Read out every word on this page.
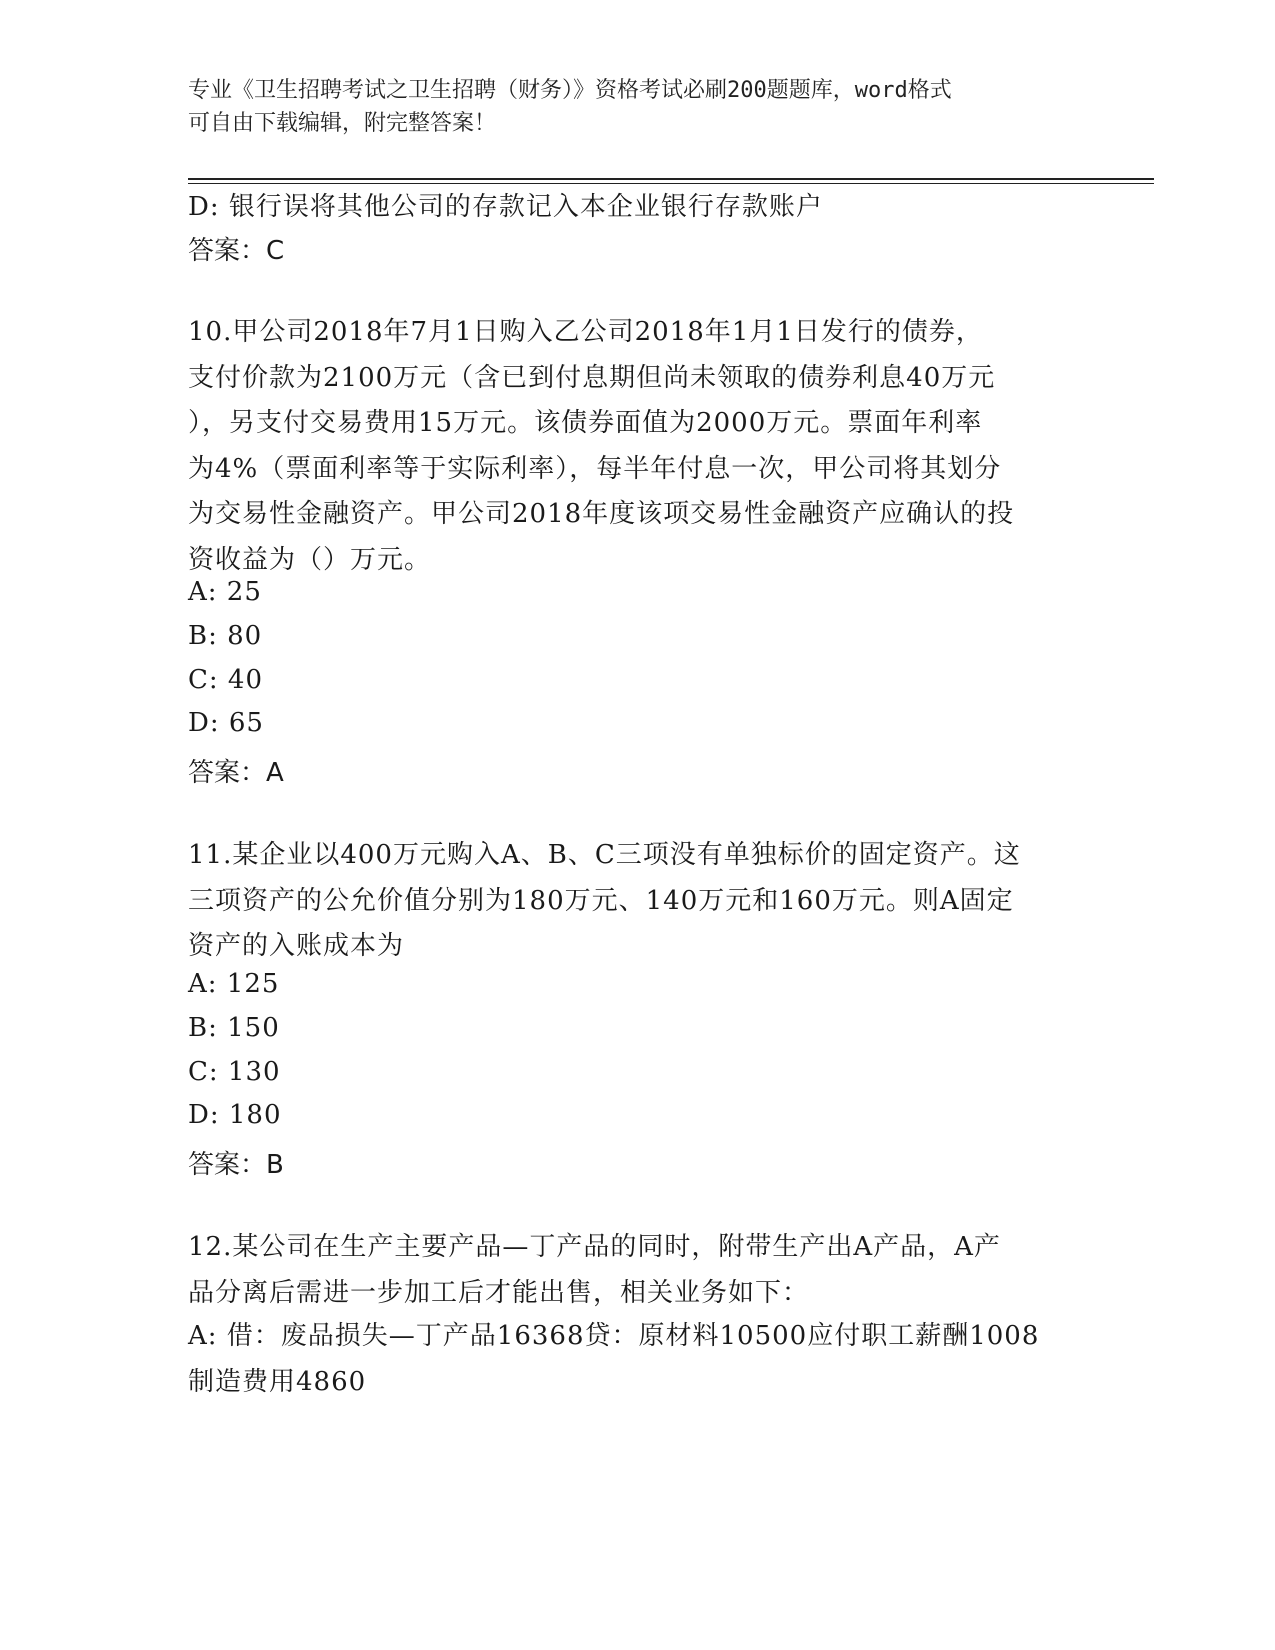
专业《卫生招聘考试之卫生招聘（财务）》资格考试必刷200题题库，word格式
可自由下载编辑，附完整答案！
D: 银行误将其他公司的存款记入本企业银行存款账户
答案：C
10.甲公司2018年7月1日购入乙公司2018年1月1日发行的债券，
支付价款为2100万元（含已到付息期但尚未领取的债券利息40万元
），另支付交易费用15万元。该债券面值为2000万元。票面年利率
为4%（票面利率等于实际利率），每半年付息一次，甲公司将其划分
为交易性金融资产。甲公司2018年度该项交易性金融资产应确认的投
资收益为（）万元。
A: 25
B: 80
C: 40
D: 65
答案：A
11.某企业以400万元购入A、B、C三项没有单独标价的固定资产。这
三项资产的公允价值分别为180万元、140万元和160万元。则A固定
资产的入账成本为
A: 125
B: 150
C: 130
D: 180
答案：B
12.某公司在生产主要产品—丁产品的同时，附带生产出A产品，A产
品分离后需进一步加工后才能出售，相关业务如下：
A: 借：废品损失—丁产品16368贷：原材料10500应付职工薪酬1008
制造费用4860
